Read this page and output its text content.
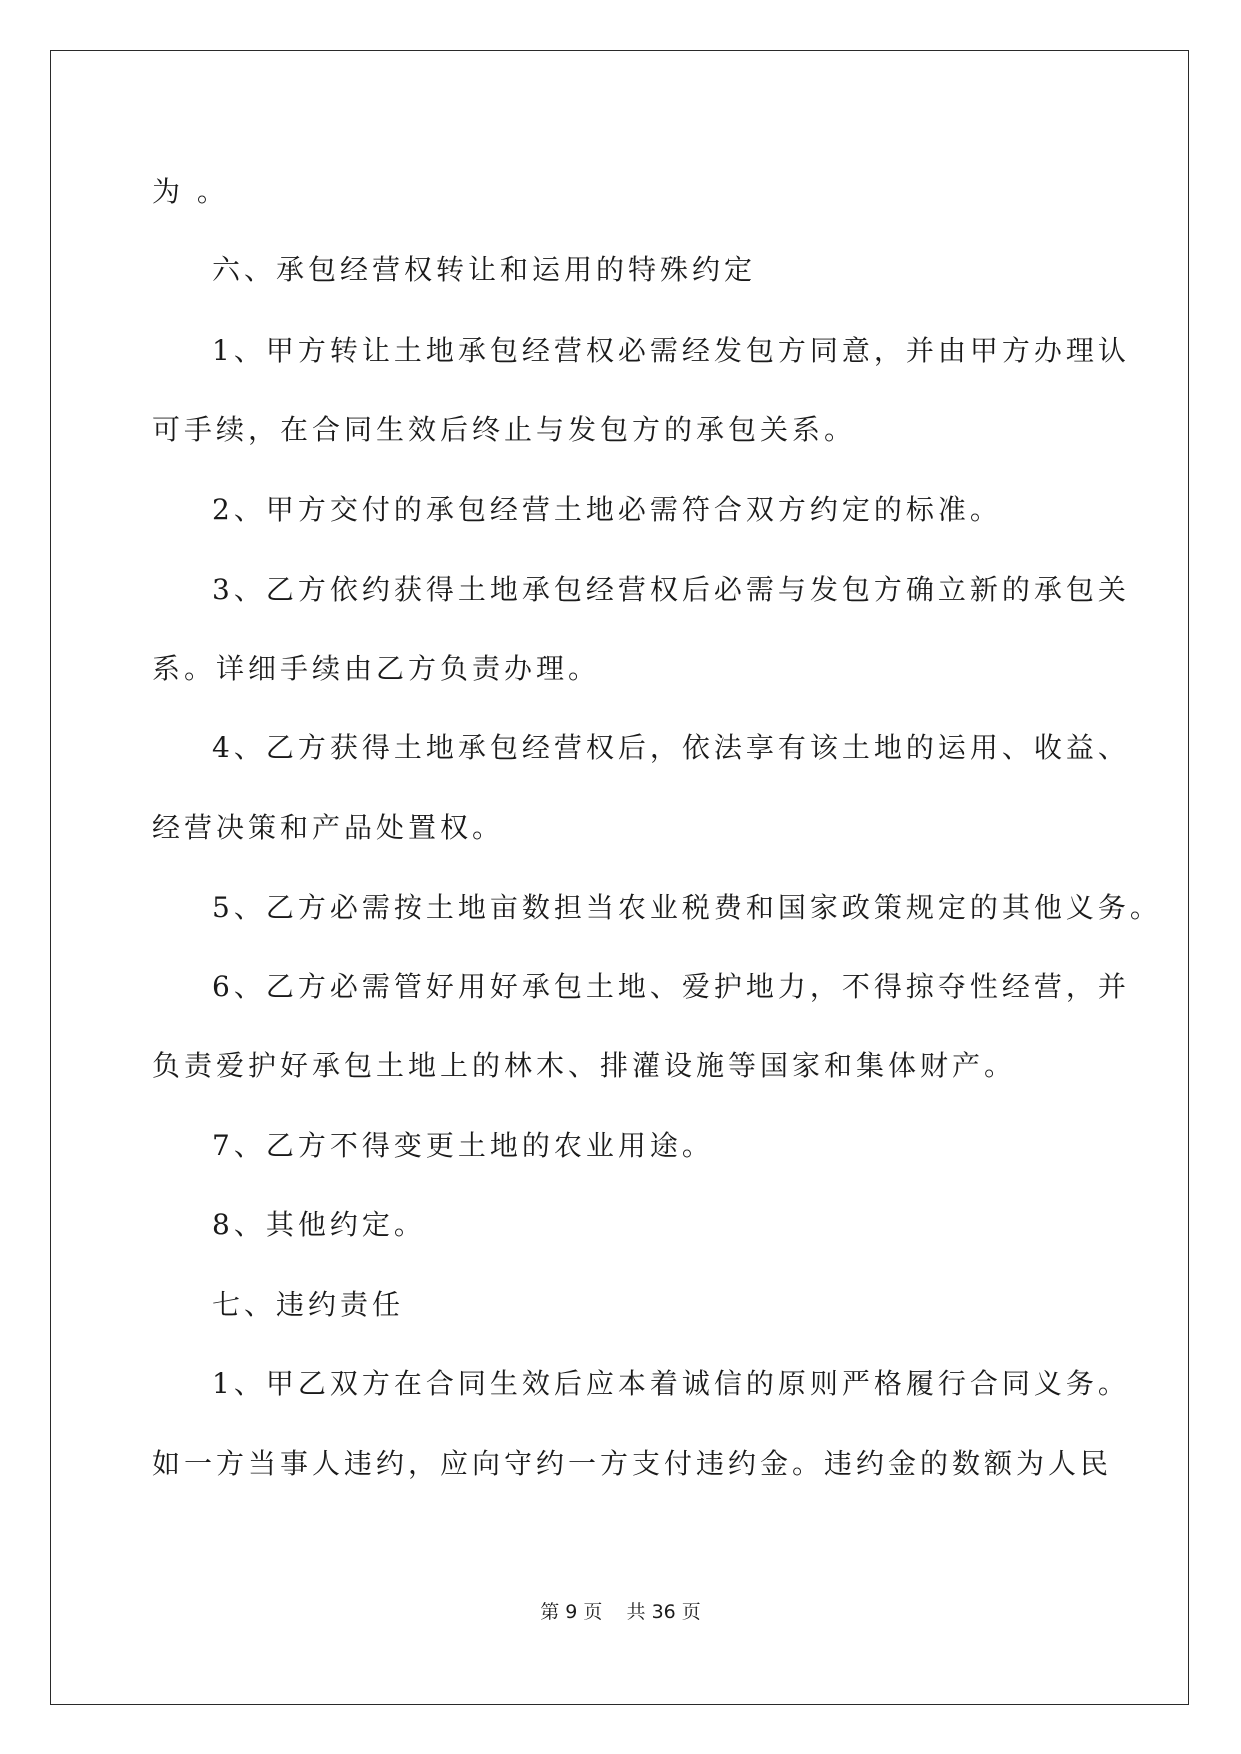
为 。
六、承包经营权转让和运用的特殊约定
1、甲方转让土地承包经营权必需经发包方同意，并由甲方办理认
可手续，在合同生效后终止与发包方的承包关系。
2、甲方交付的承包经营土地必需符合双方约定的标准。
3、乙方依约获得土地承包经营权后必需与发包方确立新的承包关
系。详细手续由乙方负责办理。
4、乙方获得土地承包经营权后，依法享有该土地的运用、收益、
经营决策和产品处置权。
5、乙方必需按土地亩数担当农业税费和国家政策规定的其他义务。
6、乙方必需管好用好承包土地、爱护地力，不得掠夺性经营，并
负责爱护好承包土地上的林木、排灌设施等国家和集体财产。
7、乙方不得变更土地的农业用途。
8、其他约定。
七、违约责任
1、甲乙双方在合同生效后应本着诚信的原则严格履行合同义务。
如一方当事人违约，应向守约一方支付违约金。违约金的数额为人民
第 9 页    共 36 页
